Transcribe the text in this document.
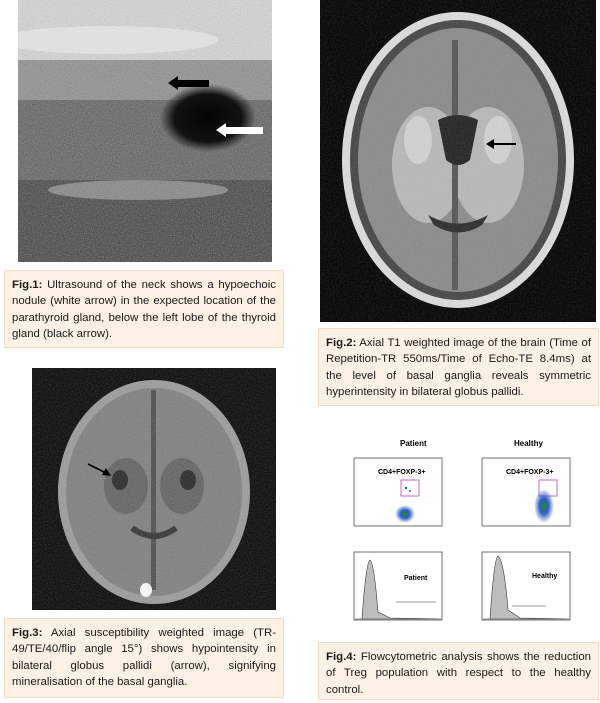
Fig.1: Ultrasound of the neck shows a hypoechoic nodule (white arrow) in the expected location of the parathyroid gland, below the left lobe of the thyroid gland (black arrow).
Fig.2: Axial T1 weighted image of the brain (Time of Repetition-TR 550ms/Time of Echo-TE 8.4ms) at the level of basal ganglia reveals symmetric hyperintensity in bilateral globus pallidi.
Fig.3: Axial susceptibility weighted image (TR-49/TE/40/flip angle 15°) shows hypointensity in bilateral globus pallidi (arrow), signifying mineralisation of the basal ganglia.
Patient	Healthy
CD4+FOXP-3+	CD4+FOXP-3+
Patient	Healthy
Fig.4: Flowcytometric analysis shows the reduction of Treg population with respect to the healthy control.
